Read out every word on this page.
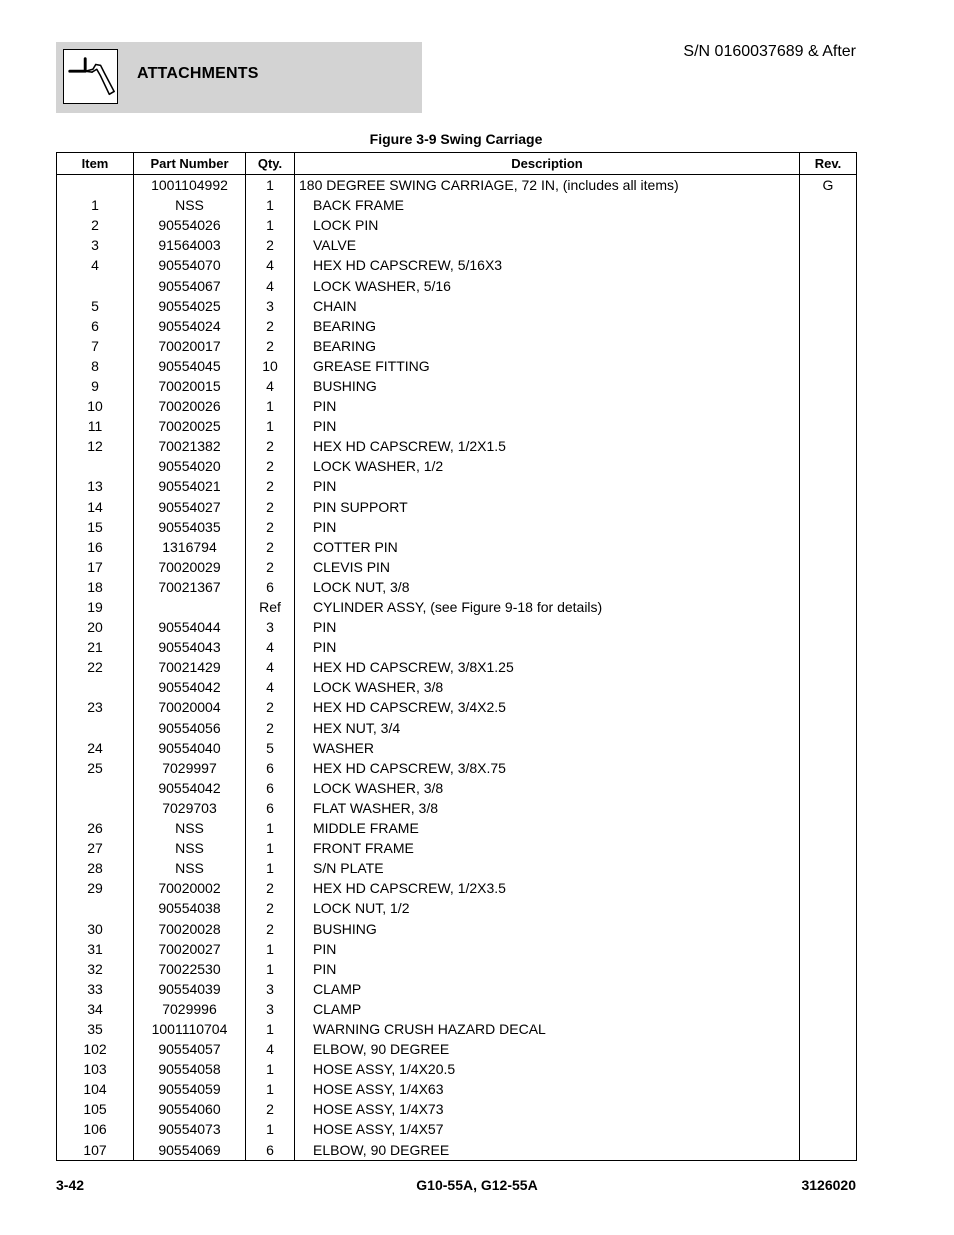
ATTACHMENTS
S/N 0160037689 & After
Figure 3-9 Swing Carriage
Item	Part Number	Qty.	Description	Rev.
	1001104992	1	180 DEGREE SWING CARRIAGE, 72 IN, (includes all items)	G
1	NSS	1	BACK FRAME	
2	90554026	1	LOCK PIN	
3	91564003	2	VALVE	
4	90554070	4	HEX HD CAPSCREW, 5/16X3	
	90554067	4	LOCK WASHER, 5/16	
5	90554025	3	CHAIN	
6	90554024	2	BEARING	
7	70020017	2	BEARING	
8	90554045	10	GREASE FITTING	
9	70020015	4	BUSHING	
10	70020026	1	PIN	
11	70020025	1	PIN	
12	70021382	2	HEX HD CAPSCREW, 1/2X1.5	
	90554020	2	LOCK WASHER, 1/2	
13	90554021	2	PIN	
14	90554027	2	PIN SUPPORT	
15	90554035	2	PIN	
16	1316794	2	COTTER PIN	
17	70020029	2	CLEVIS PIN	
18	70021367	6	LOCK NUT, 3/8	
19		Ref	CYLINDER ASSY, (see Figure 9-18 for details)	
20	90554044	3	PIN	
21	90554043	4	PIN	
22	70021429	4	HEX HD CAPSCREW, 3/8X1.25	
	90554042	4	LOCK WASHER, 3/8	
23	70020004	2	HEX HD CAPSCREW, 3/4X2.5	
	90554056	2	HEX NUT, 3/4	
24	90554040	5	WASHER	
25	7029997	6	HEX HD CAPSCREW, 3/8X.75	
	90554042	6	LOCK WASHER, 3/8	
	7029703	6	FLAT WASHER, 3/8	
26	NSS	1	MIDDLE FRAME	
27	NSS	1	FRONT FRAME	
28	NSS	1	S/N PLATE	
29	70020002	2	HEX HD CAPSCREW, 1/2X3.5	
	90554038	2	LOCK NUT, 1/2	
30	70020028	2	BUSHING	
31	70020027	1	PIN	
32	70022530	1	PIN	
33	90554039	3	CLAMP	
34	7029996	3	CLAMP	
35	1001110704	1	WARNING CRUSH HAZARD DECAL	
102	90554057	4	ELBOW, 90 DEGREE	
103	90554058	1	HOSE ASSY, 1/4X20.5	
104	90554059	1	HOSE ASSY, 1/4X63	
105	90554060	2	HOSE ASSY, 1/4X73	
106	90554073	1	HOSE ASSY, 1/4X57	
107	90554069	6	ELBOW, 90 DEGREE	
3-42	G10-55A, G12-55A	3126020
